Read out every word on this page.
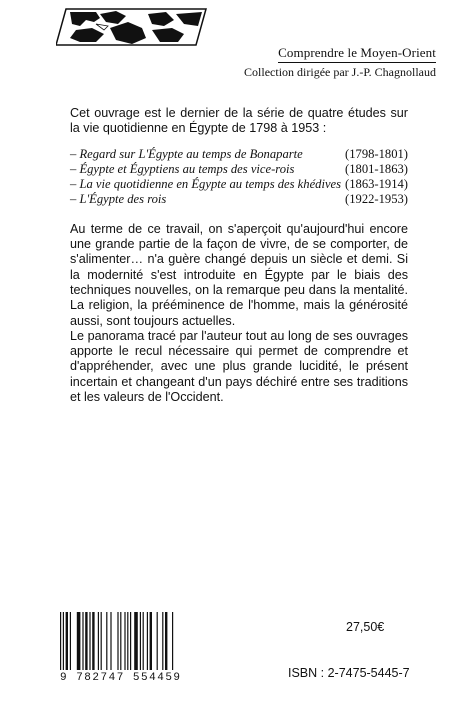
Comprendre le Moyen-Orient
Collection dirigée par J.-P. Chagnollaud

Cet ouvrage est le dernier de la série de quatre études sur la vie quotidienne en Égypte de 1798 à 1953 :

– Regard sur L'Égypte au temps de Bonaparte	(1798-1801)
– Égypte et Égyptiens au temps des vice-rois	(1801-1863)
– La vie quotidienne en Égypte au temps des khédives (1863-1914)
– L'Égypte des rois	(1922-1953)

Au terme de ce travail, on s'aperçoit qu'aujourd'hui encore une grande partie de la façon de vivre, de se comporter, de s'alimenter… n'a guère changé depuis un siècle et demi. Si la modernité s'est introduite en Égypte par le biais des techniques nouvelles, on la remarque peu dans la mentalité. La religion, la prééminence de l'homme, mais la générosité aussi, sont toujours actuelles.

Le panorama tracé par l'auteur tout au long de ses ouvrages apporte le recul nécessaire qui permet de comprendre et d'appréhender, avec une plus grande lucidité, le présent incertain et changeant d'un pays déchiré entre ses traditions et les valeurs de l'Occident.

27,50€
9 782747 554459	ISBN : 2-7475-5445-7
